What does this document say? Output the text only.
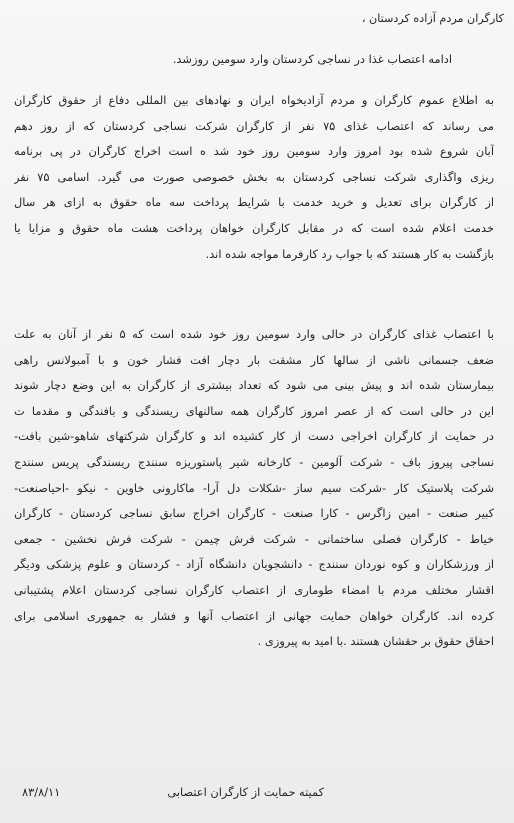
کارگران مردم آزاده کردستان ،
ادامه اعتصاب غذا در نساجی کردستان وارد سومین روزشد.

به اطلاع عموم کارگران و مردم آزادیخواه ایران و نهادهای بین المللی دفاع از حقوق کارگران

می رساند که اعتصاب غذای ۷۵ نفر از کارگران شرکت نساجی کردستان که از روز دهم

آبان شروع شده بود امروز وارد سومین روز خود شد ه است اخراج کارگران در پی برنامه

ریزی واگذاری شرکت نساجی کردستان به بخش خصوصی صورت می گیرد. اسامی ۷۵ نفر

از کارگران برای تعدیل و خرید خدمت با شرایط پرداخت سه ماه حقوق به ازای هر سال

خدمت اعلام شده است که در مقابل کارگران خواهان پرداخت هشت ماه حقوق و مزایا یا

بازگشت به کار هستند که با جواب رد کارفرما مواجه شده اند.

با اعتصاب غذای کارگران در حالی وارد سومین روز خود شده است که ۵ نفر از آنان به علت

ضعف جسمانی ناشی از سالها کار مشقت بار دچار افت فشار خون و با آمبولانس راهی

بیمارستان شده اند و پیش بینی می شود که تعداد بیشتری از کارگران به این وضع دچار شوند

این در حالی است که از عصر امروز کارگران همه سالنهای ریسندگی و بافندگی و مقدما ت

در حمایت از کارگران اخراجی دست از کار کشیده اند و کارگران شرکتهای شاهو-شین بافت-

نساجی پیروز باف - شرکت آلومین - کارخانه شیر پاستوریزه سنندج ریسندگی پریس سنندج

شرکت پلاستیک کار -شرکت سیم ساز -شکلات دل آرا- ماکارونی خاوین - نیکو -احیاصنعت-

کبیر صنعت - امین زاگرس - کارا صنعت - کارگران اخراج سابق نساجی کردستان - کارگران

خیاط - کارگران فصلی ساختمانی - شرکت فرش چیمن - شرکت فرش نخشین - جمعی

از ورزشکاران و کوه نوردان سنندج - دانشجویان دانشگاه آزاد - کردستان و علوم پزشکی ودیگر

اقشار مختلف مردم با امضاء طوماری از اعتصاب کارگران نساجی کردستان اعلام پشتیبانی

کرده اند. کارگران خواهان حمایت جهانی از اعتصاب آنها و فشار به جمهوری اسلامی برای

احقاق حقوق بر حقشان هستند .با امید به پیروزی .

کمیته حمایت از کارگران اعتصابی
۸۳/۸/۱۱
